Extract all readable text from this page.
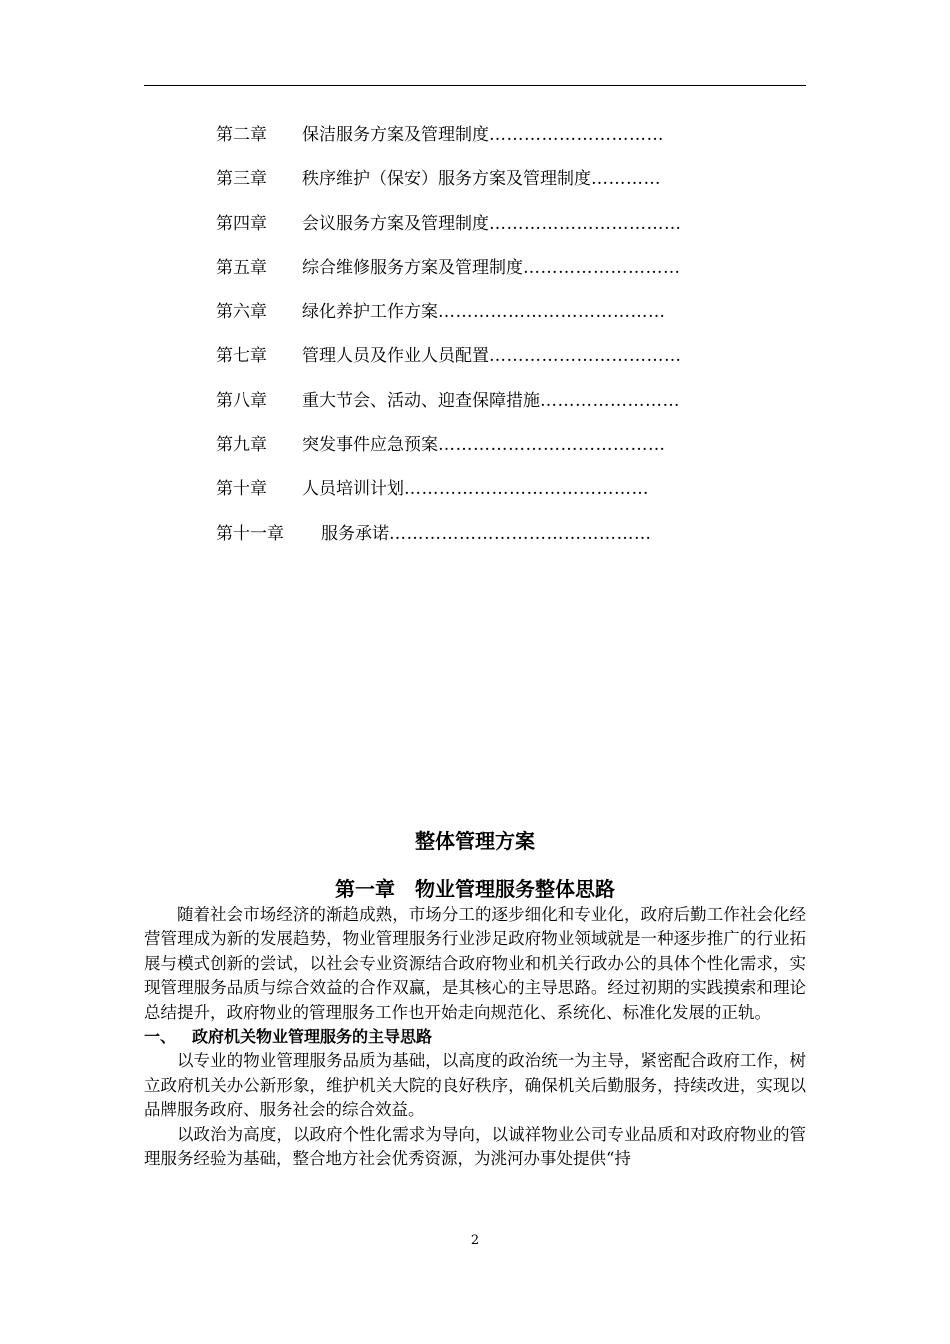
第二章	保洁服务方案及管理制度 …………………………
第三章	秩序维护（保安）服务方案及管理制度 …………
第四章	会议服务方案及管理制度 ……………………………
第五章	综合维修服务方案及管理制度 ………………………
第六章	绿化养护工作方案 …………………………………
第七章	管理人员及作业人员配置 ……………………………
第八章	重大节会、活动、迎查保障措施 ……………………
第九章	突发事件应急预案 …………………………………
第十章	人员培训计划 ……………………………………
第十一章	服务承诺 ………………………………………
整体管理方案
第一章　物业管理服务整体思路

随着社会市场经济的渐趋成熟，市场分工的逐步细化和专业化，政府后勤工作社会化经营管理成为新的发展趋势，物业管理服务行业涉足政府物业领域就是一种逐步推广的行业拓展与模式创新的尝试，以社会专业资源结合政府物业和机关行政办公的具体个性化需求，实现管理服务品质与综合效益的合作双赢，是其核心的主导思路。经过初期的实践摸索和理论总结提升，政府物业的管理服务工作也开始走向规范化、系统化、标准化发展的正轨。

一、 政府机关物业管理服务的主导思路

以专业的物业管理服务品质为基础，以高度的政治统一为主导，紧密配合政府工作，树立政府机关办公新形象，维护机关大院的良好秩序，确保机关后勤服务，持续改进，实现以品牌服务政府、服务社会的综合效益。

以政治为高度，以政府个性化需求为导向，以诚祥物业公司专业品质和对政府物业的管理服务经验为基础，整合地方社会优秀资源，为洮河办事处提供“持

2
